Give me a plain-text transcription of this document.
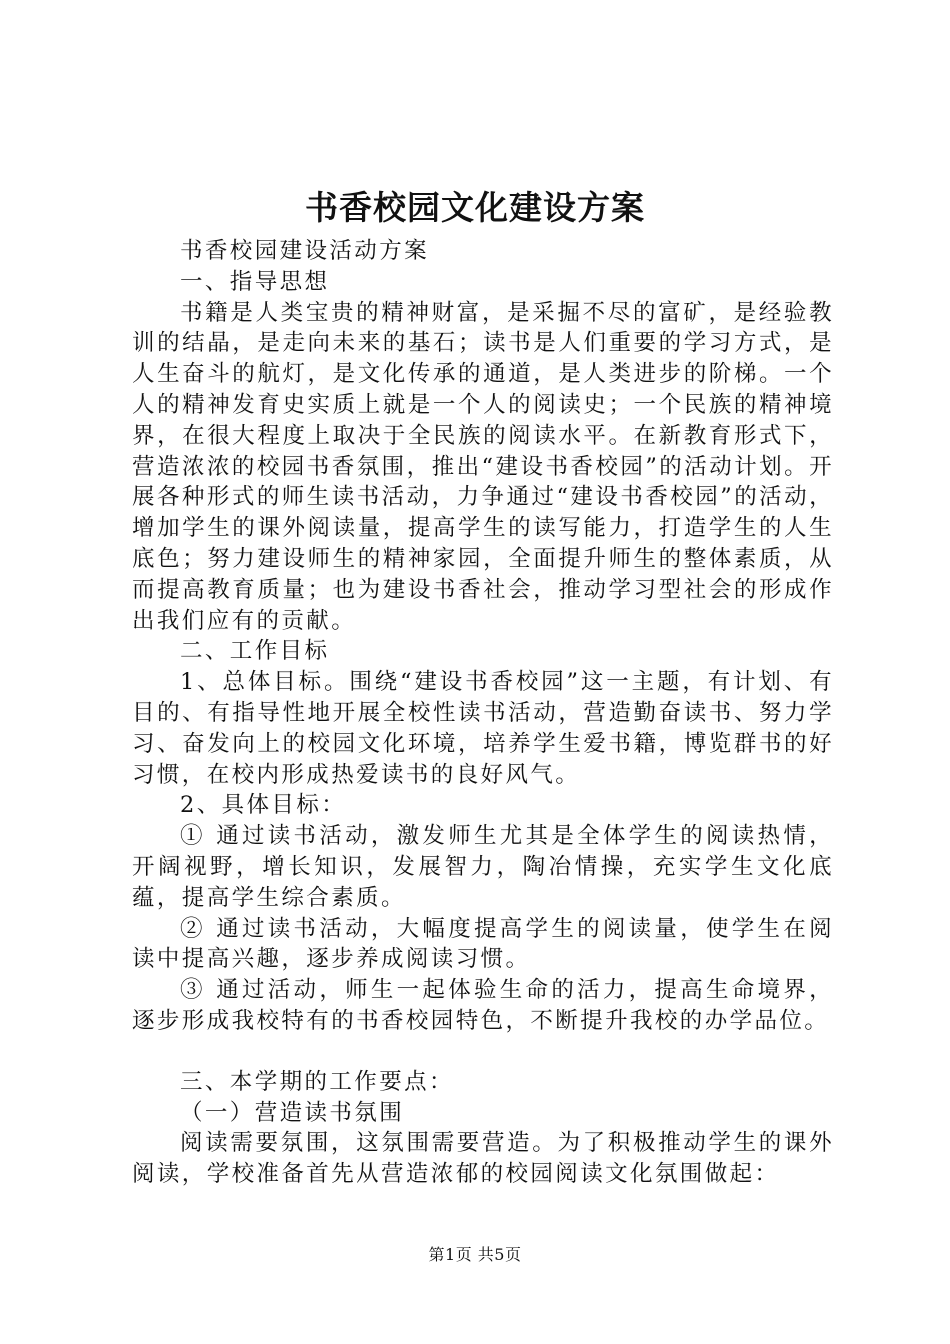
书香校园文化建设方案

书香校园建设活动方案

一、指导思想

书籍是人类宝贵的精神财富，是采掘不尽的富矿，是经验教训的结晶，是走向未来的基石；读书是人们重要的学习方式，是人生奋斗的航灯，是文化传承的通道，是人类进步的阶梯。一个人的精神发育史实质上就是一个人的阅读史；一个民族的精神境界，在很大程度上取决于全民族的阅读水平。在新教育形式下，营造浓浓的校园书香氛围，推出“建设书香校园”的活动计划。开展各种形式的师生读书活动，力争通过“建设书香校园”的活动，增加学生的课外阅读量，提高学生的读写能力，打造学生的人生底色；努力建设师生的精神家园，全面提升师生的整体素质，从而提高教育质量；也为建设书香社会，推动学习型社会的形成作出我们应有的贡献。

二、工作目标

1、总体目标。围绕“建设书香校园”这一主题，有计划、有目的、有指导性地开展全校性读书活动，营造勤奋读书、努力学习、奋发向上的校园文化环境，培养学生爱书籍，博览群书的好习惯，在校内形成热爱读书的良好风气。

2、具体目标：

① 通过读书活动，激发师生尤其是全体学生的阅读热情，开阔视野，增长知识，发展智力，陶冶情操，充实学生文化底蕴，提高学生综合素质。

② 通过读书活动，大幅度提高学生的阅读量，使学生在阅读中提高兴趣，逐步养成阅读习惯。

③ 通过活动，师生一起体验生命的活力，提高生命境界，逐步形成我校特有的书香校园特色，不断提升我校的办学品位。

三、本学期的工作要点：

（一）营造读书氛围

阅读需要氛围，这氛围需要营造。为了积极推动学生的课外阅读，学校准备首先从营造浓郁的校园阅读文化氛围做起：

第1页 共5页
